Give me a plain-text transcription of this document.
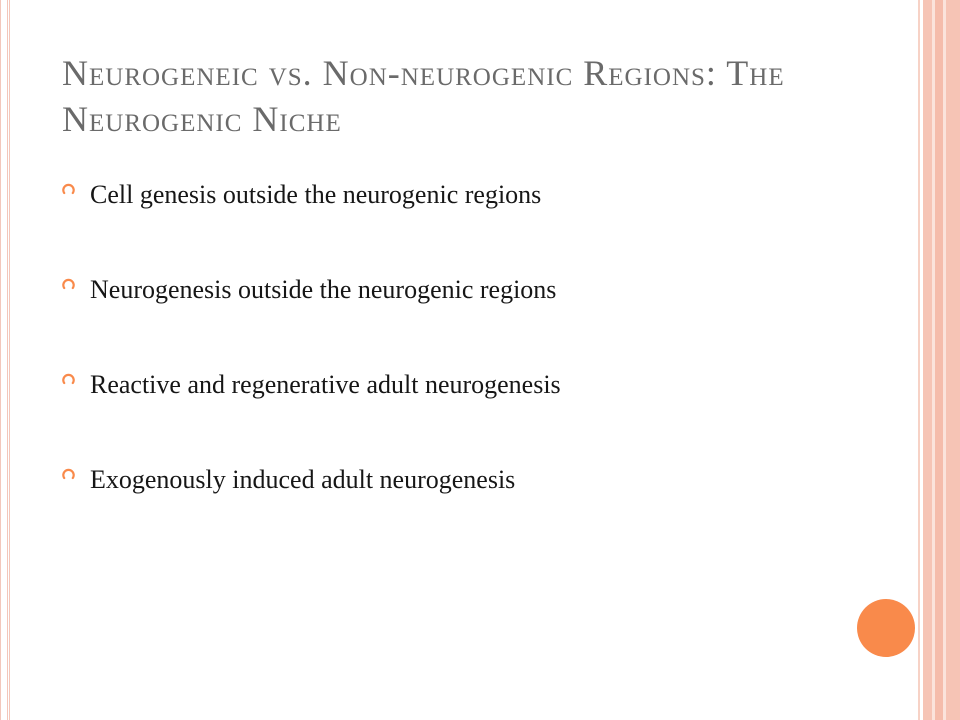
Neurogeneic vs. Non-neurogenic Regions: The Neurogenic Niche
Cell genesis outside the neurogenic regions
Neurogenesis outside the neurogenic regions
Reactive and regenerative adult neurogenesis
Exogenously induced adult neurogenesis
